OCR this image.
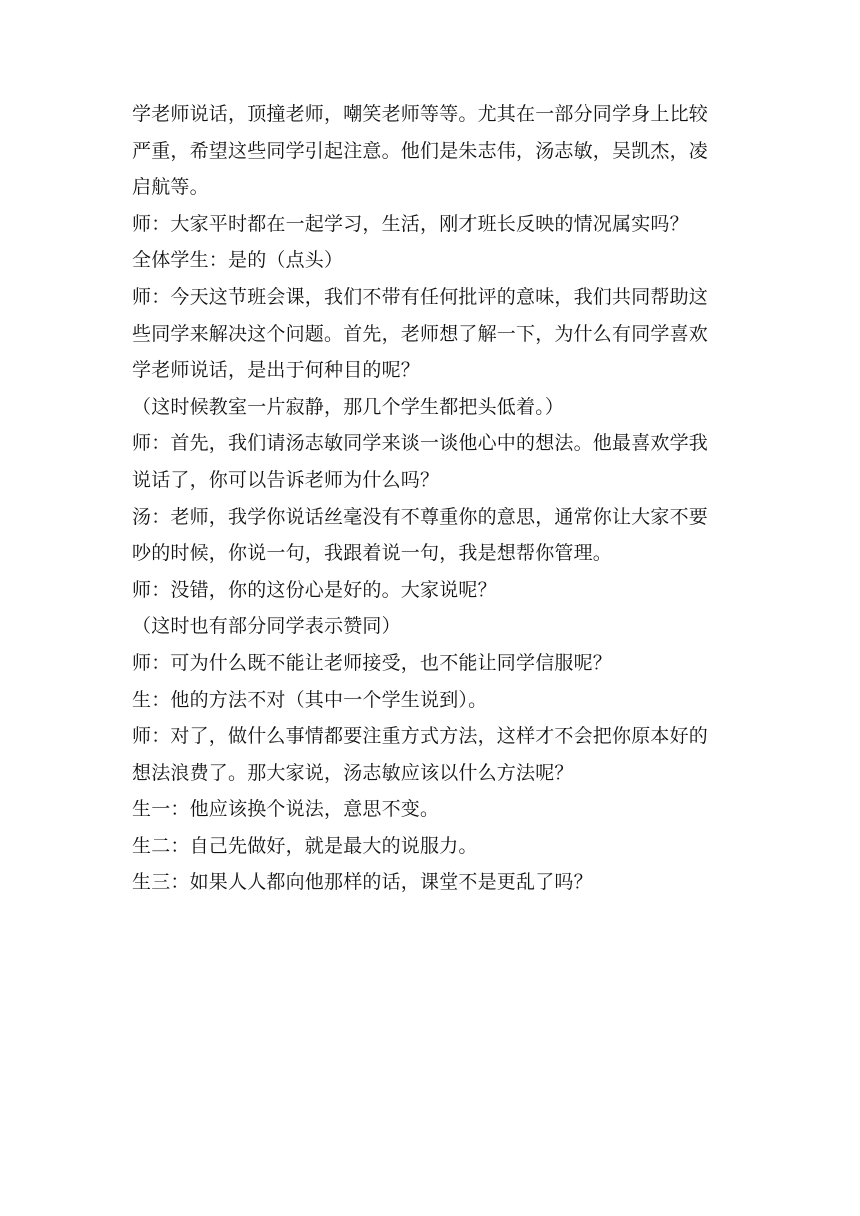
学老师说话，顶撞老师，嘲笑老师等等。尤其在一部分同学身上比较
严重，希望这些同学引起注意。他们是朱志伟，汤志敏，吴凯杰，凌
启航等。
师：大家平时都在一起学习，生活，刚才班长反映的情况属实吗？
全体学生：是的（点头）
师：今天这节班会课，我们不带有任何批评的意味，我们共同帮助这
些同学来解决这个问题。首先，老师想了解一下，为什么有同学喜欢
学老师说话，是出于何种目的呢？
（这时候教室一片寂静，那几个学生都把头低着。）
师：首先，我们请汤志敏同学来谈一谈他心中的想法。他最喜欢学我
说话了，你可以告诉老师为什么吗？
汤：老师，我学你说话丝毫没有不尊重你的意思，通常你让大家不要
吵的时候，你说一句，我跟着说一句，我是想帮你管理。
师：没错，你的这份心是好的。大家说呢？
（这时也有部分同学表示赞同）
师：可为什么既不能让老师接受，也不能让同学信服呢？
生：他的方法不对（其中一个学生说到）。
师：对了，做什么事情都要注重方式方法，这样才不会把你原本好的
想法浪费了。那大家说，汤志敏应该以什么方法呢？
生一：他应该换个说法，意思不变。
生二：自己先做好，就是最大的说服力。
生三：如果人人都向他那样的话，课堂不是更乱了吗？
